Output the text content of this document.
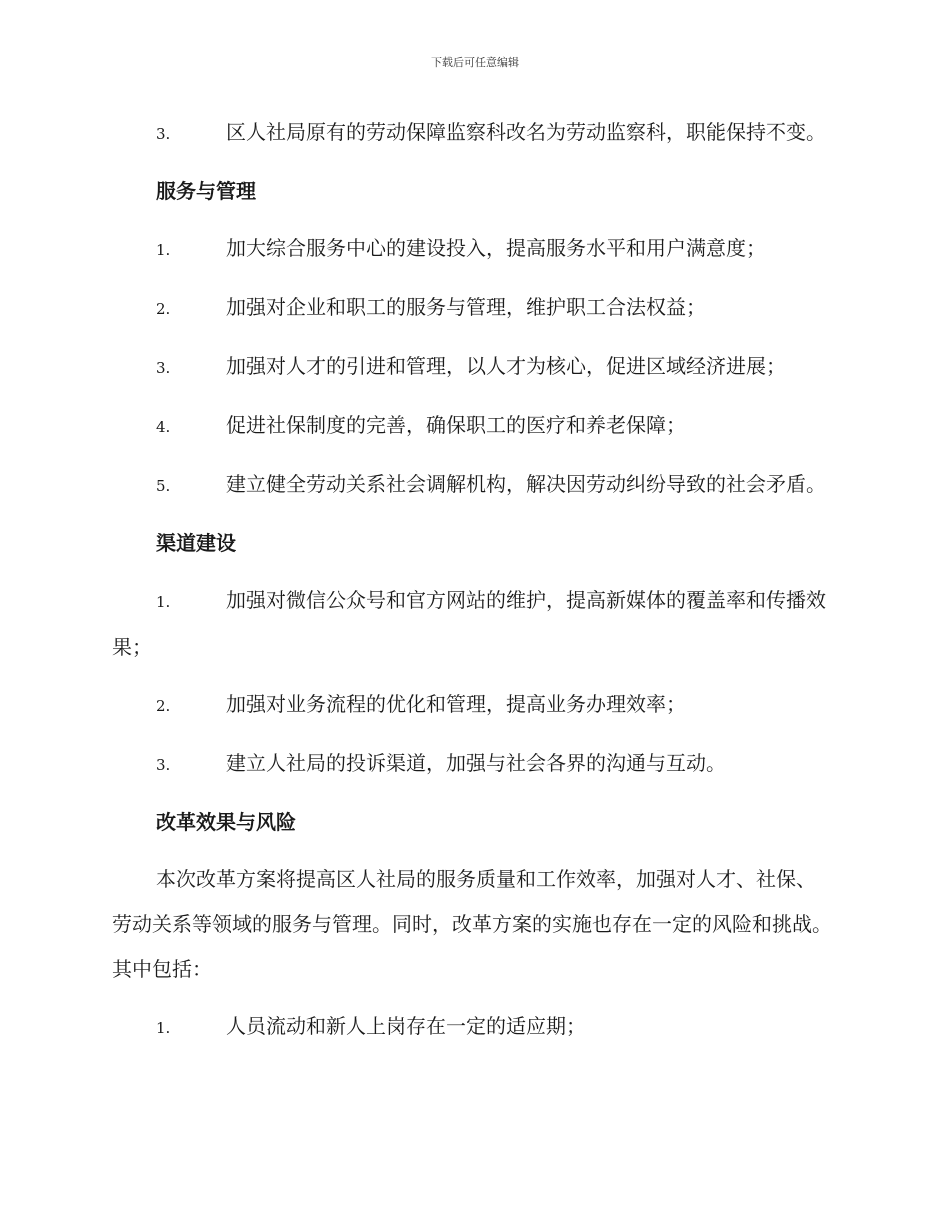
下载后可任意编辑
3.	区人社局原有的劳动保障监察科改名为劳动监察科，职能保持不变。
服务与管理
1.	加大综合服务中心的建设投入，提高服务水平和用户满意度；
2.	加强对企业和职工的服务与管理，维护职工合法权益；
3.	加强对人才的引进和管理，以人才为核心，促进区域经济进展；
4.	促进社保制度的完善，确保职工的医疗和养老保障；
5.	建立健全劳动关系社会调解机构，解决因劳动纠纷导致的社会矛盾。
渠道建设
1.	加强对微信公众号和官方网站的维护，提高新媒体的覆盖率和传播效果；
2.	加强对业务流程的优化和管理，提高业务办理效率；
3.	建立人社局的投诉渠道，加强与社会各界的沟通与互动。
改革效果与风险
本次改革方案将提高区人社局的服务质量和工作效率，加强对人才、社保、劳动关系等领域的服务与管理。同时，改革方案的实施也存在一定的风险和挑战。其中包括：
1.	人员流动和新人上岗存在一定的适应期；
